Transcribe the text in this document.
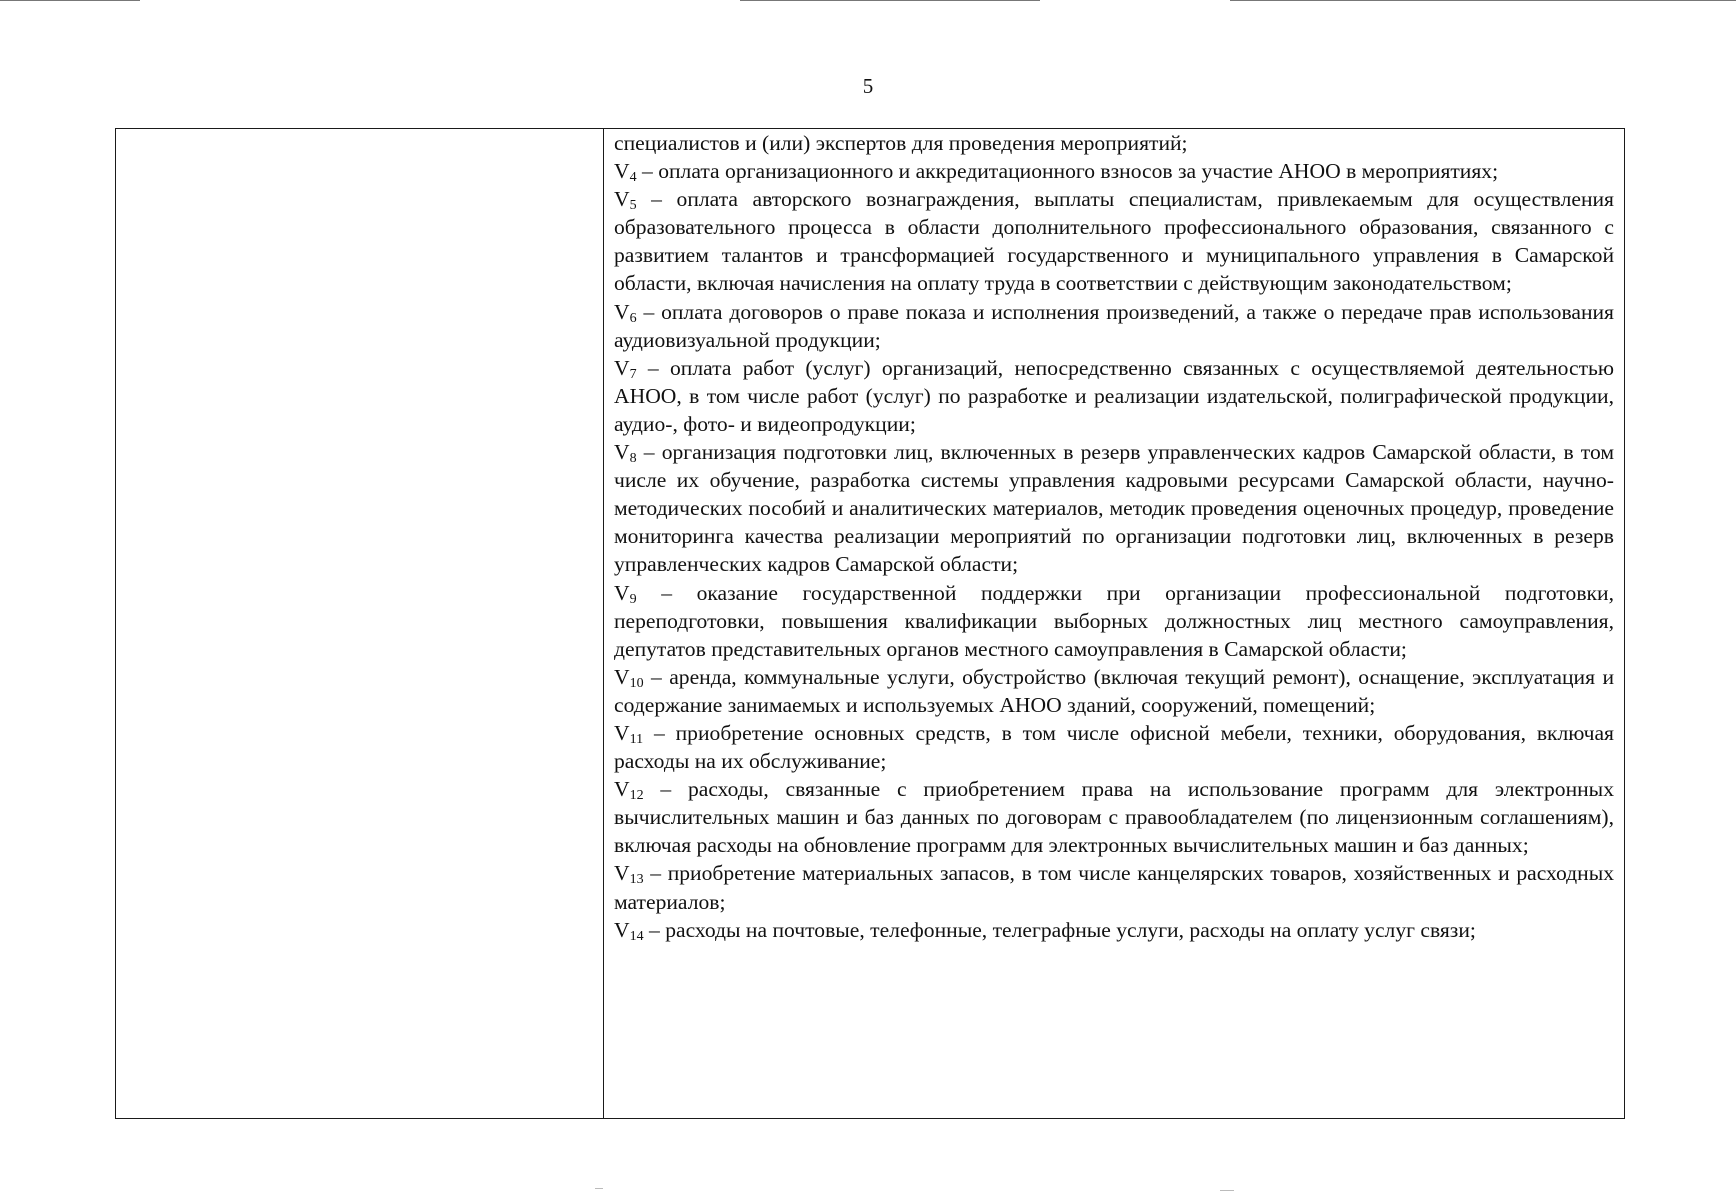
5

специалистов и (или) экспертов для проведения мероприятий;

$V_4$ – оплата организационного и аккредитационного взносов за участие АНОО в мероприятиях;

$V_5$ – оплата авторского вознаграждения, выплаты специалистам, привлекаемым для осуществления образовательного процесса в области дополнительного профессионального образования, связанного с развитием талантов и трансформацией государственного и муниципального управления в Самарской области, включая начисления на оплату труда в соответствии с действующим законодательством;

$V_6$ – оплата договоров о праве показа и исполнения произведений, а также о передаче прав использования аудиовизуальной продукции;

$V_7$ – оплата работ (услуг) организаций, непосредственно связанных с осуществляемой деятельностью АНОО, в том числе работ (услуг) по разработке и реализации издательской, полиграфической продукции, аудио-, фото- и видеопродукции;

$V_8$ – организация подготовки лиц, включенных в резерв управленческих кадров Самарской области, в том числе их обучение, разработка системы управления кадровыми ресурсами Самарской области, научно-методических пособий и аналитических материалов, методик проведения оценочных процедур, проведение мониторинга качества реализации мероприятий по организации подготовки лиц, включенных в резерв управленческих кадров Самарской области;

$V_9$ – оказание государственной поддержки при организации профессиональной подготовки, переподготовки, повышения квалификации выборных должностных лиц местного самоуправления, депутатов представительных органов местного самоуправления в Самарской области;

$V_{10}$ – аренда, коммунальные услуги, обустройство (включая текущий ремонт), оснащение, эксплуатация и содержание занимаемых и используемых АНОО зданий, сооружений, помещений;

$V_{11}$ – приобретение основных средств, в том числе офисной мебели, техники, оборудования, включая расходы на их обслуживание;

$V_{12}$ – расходы, связанные с приобретением права на использование программ для электронных вычислительных машин и баз данных по договорам с правообладателем (по лицензионным соглашениям), включая расходы на обновление программ для электронных вычислительных машин и баз данных;

$V_{13}$ – приобретение материальных запасов, в том числе канцелярских товаров, хозяйственных и расходных материалов;

$V_{14}$ – расходы на почтовые, телефонные, телеграфные услуги, расходы на оплату услуг связи;
